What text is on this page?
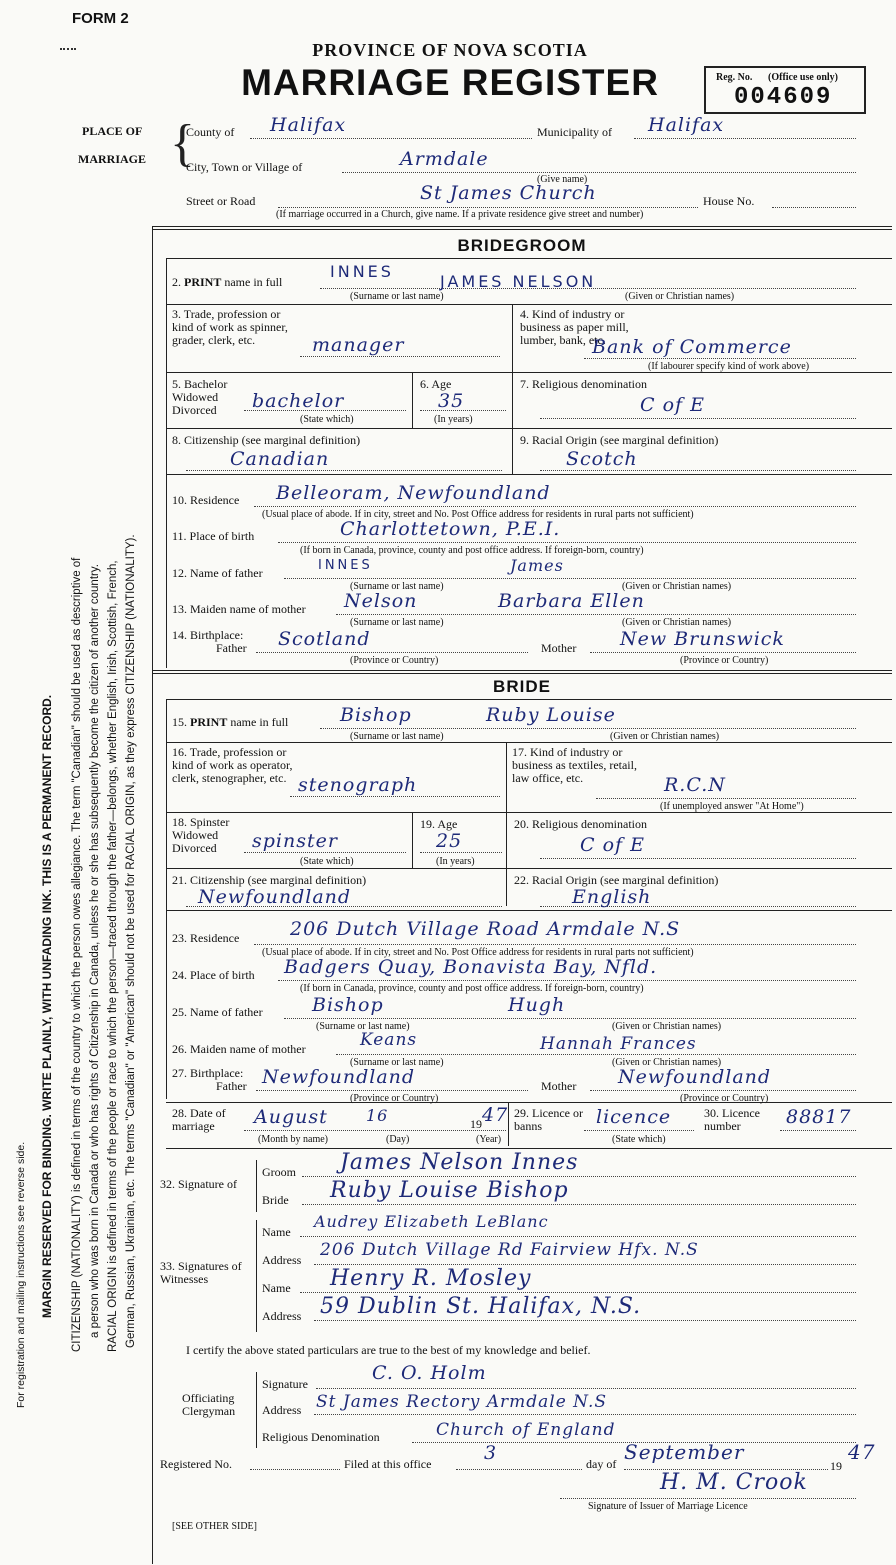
FORM 2
PROVINCE OF NOVA SCOTIA
MARRIAGE REGISTER	Reg. No. (Office use only)
004609
PLACE OF
MARRIAGE {
County of Halifax	Municipality of Halifax
City, Town or Village of	Armdale
(Give name)
Street or Road	St James Church	House No.
(If marriage occurred in a Church, give name. If a private residence give street and number)
For registration and mailing instructions see reverse side. MARGIN RESERVED FOR BINDING. WRITE PLAINLY, WITH UNFADING INK. THIS IS A PERMANENT RECORD. CITIZENSHIP (NATIONALITY) is defined in terms of the country to which the person owes allegiance. The term "Canadian" should be used as descriptive of a person who was born in Canada or who has rights of Citizenship in Canada, unless he or she has subsequently become the citizen of another country. RACIAL ORIGIN is defined in terms of the people or race to which the person—traced through the father—belongs, whether English, Irish, Scottish, French, German, Russian, Ukrainian, etc. The terms "Canadian" or "American" should not be used for RACIAL ORIGIN, as they express CITIZENSHIP (NATIONALITY).
BRIDEGROOM
2. PRINT name in full
INNES
JAMES NELSON
(Surname or last name)	(Given or Christian names)
3. Trade, profession or kind of work as spinner, grader, clerk, etc.	manager
4. Kind of industry or business as paper mill, lumber, bank, etc.
Bank of Commerce
(If labourer specify kind of work above)
5. Bachelor Widowed Divorced	bachelor
(State which)
6. Age
35
(In years)
7. Religious denomination
C of E
8. Citizenship (see marginal definition)
Canadian
9. Racial Origin (see marginal definition)
Scotch
10. Residence Belleoram, Newfoundland
(Usual place of abode. If in city, street and No. Post Office address for residents in rural parts not sufficient)
11. Place of birth	Charlottetown, P.E.I.
(If born in Canada, province, county and post office address. If foreign-born, country)
12. Name of father	INNES	James
(Surname or last name)	(Given or Christian names)
13. Maiden name of mother Nelson	Barbara Ellen
(Surname or last name)	(Given or Christian names)
14. Birthplace:
Father Scotland
(Province or Country)
Mother New Brunswick
(Province or Country)
BRIDE
15. PRINT name in full	Bishop	Ruby Louise
(Surname or last name)	(Given or Christian names)
16. Trade, profession or kind of work as operator, clerk, stenographer, etc. stenograph
17. Kind of industry or business as textiles, retail, law office, etc.	R.C.N
(If unemployed answer "At Home")
18. Spinster Widowed Divorced	spinster
(State which)
19. Age
25
(In years)
20. Religious denomination
C of E
21. Citizenship (see marginal definition)
Newfoundland
22. Racial Origin (see marginal definition)
English
23. Residence	206 Dutch Village Road Armdale N.S
(Usual place of abode. If in city, street and No. Post Office address for residents in rural parts not sufficient)
24. Place of birth Badgers Quay, Bonavista Bay, Nfld.
(If born in Canada, province, county and post office address. If foreign-born, country)
25. Name of father	Bishop	Hugh
(Surname or last name)	(Given or Christian names)
26. Maiden name of mother	Keans	Hannah Frances
(Surname or last name)	(Given or Christian names)
27. Birthplace:
Father Newfoundland
(Province or Country)
Mother Newfoundland
(Province or Country)
28. Date of marriage	August 16	19 47
(Month by name)	(Day)	(Year)
29. Licence or banns	licence
(State which)
30. Licence number	88817
32. Signature of
Groom James Nelson Innes
Bride Ruby Louise Bishop
33. Signatures of Witnesses
Name
Audrey Elizabeth LeBlanc
Address 206 Dutch Village Rd Fairview Hfx. N.S
Name Henry R. Mosley
Address 59 Dublin St. Halifax, N.S.
I certify the above stated particulars are true to the best of my knowledge and belief.
Officiating Clergyman
Signature	C. O. Holm
Address St James Rectory Armdale N.S
Religious Denomination	Church of England
Registered No.	Filed at this office	3	day of September
19
47
H. M. Crook
Signature of Issuer of Marriage Licence
[SEE OTHER SIDE]
